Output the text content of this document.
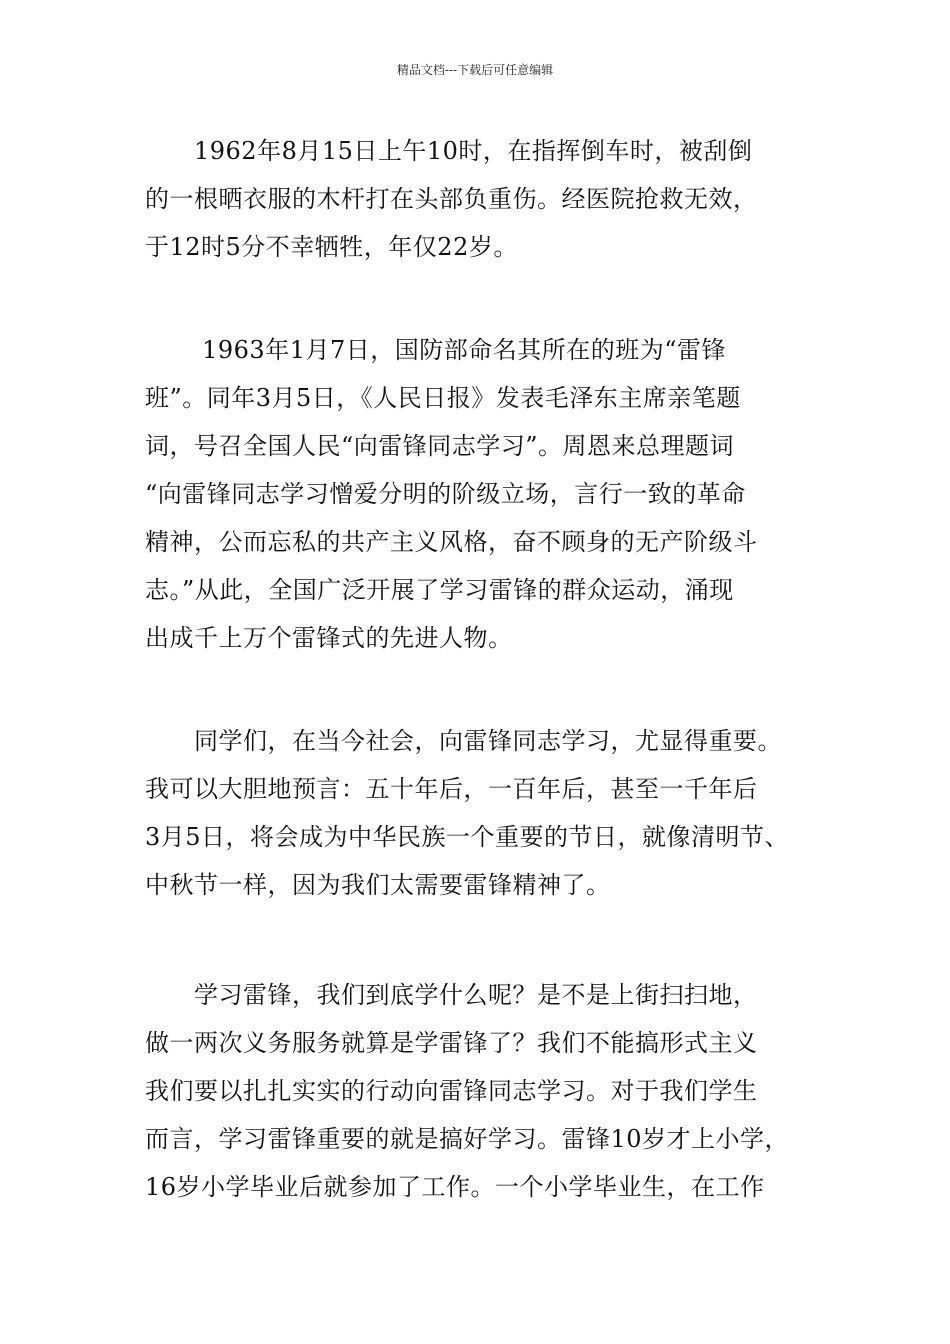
精品文档---下载后可任意编辑
　　1962年8月15日上午10时，在指挥倒车时，被刮倒
的一根晒衣服的木杆打在头部负重伤。经医院抢救无效，
于12时5分不幸牺牲，年仅22岁。
　　 1963年1月7日，国防部命名其所在的班为“雷锋
班”。同年3月5日，《人民日报》发表毛泽东主席亲笔题
词，号召全国人民“向雷锋同志学习”。周恩来总理题词
“向雷锋同志学习憎爱分明的阶级立场，言行一致的革命
精神，公而忘私的共产主义风格，奋不顾身的无产阶级斗
志。”从此，全国广泛开展了学习雷锋的群众运动，涌现
出成千上万个雷锋式的先进人物。
　　同学们，在当今社会，向雷锋同志学习，尤显得重要。
我可以大胆地预言：五十年后，一百年后，甚至一千年后
3月5日，将会成为中华民族一个重要的节日，就像清明节、
中秋节一样，因为我们太需要雷锋精神了。
　　学习雷锋，我们到底学什么呢？是不是上街扫扫地，
做一两次义务服务就算是学雷锋了？我们不能搞形式主义
我们要以扎扎实实的行动向雷锋同志学习。对于我们学生
而言，学习雷锋重要的就是搞好学习。雷锋10岁才上小学，
16岁小学毕业后就参加了工作。一个小学毕业生，在工作
